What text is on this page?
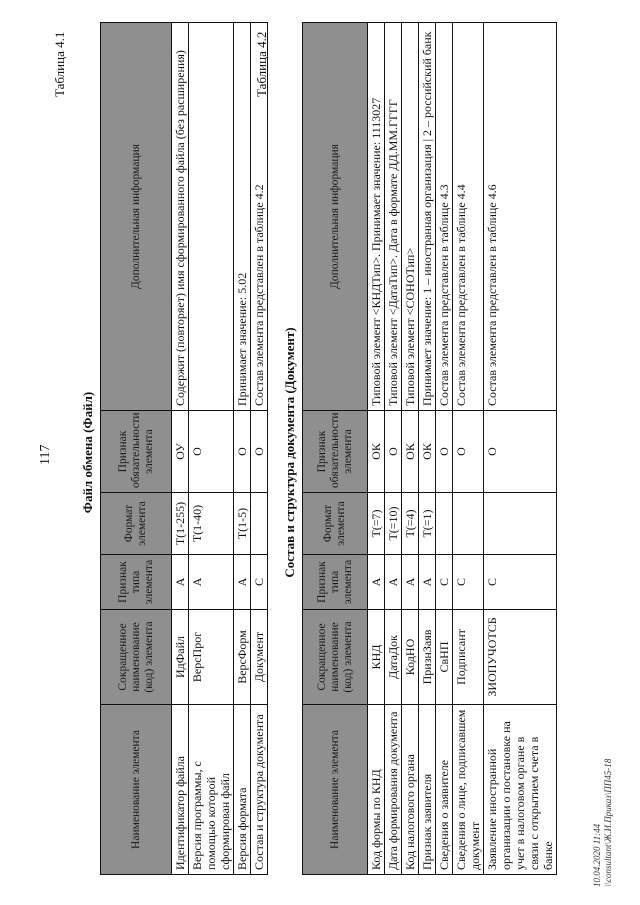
117
Таблица 4.1
Файл обмена (Файл)
Наименование элемента	Сокращенное наименование (код) элемента	Признак типа элемента	Формат элемента	Признак обязательности элемента	Дополнительная информация
Идентификатор файла	ИдФайл	А	T(1-255)	ОУ	Содержит (повторяет) имя сформированного файла (без расширения)
Версия программы, с помощью которой сформирован файл	ВерсПрог	А	T(1-40)	О	
Версия формата	ВерсФорм	А	T(1-5)	О	Принимает значение: 5.02
Состав и структура документа	Документ	С		О	Состав элемента представлен в таблице 4.2
Таблица 4.2
Состав и структура документа (Документ)
Наименование элемента	Сокращенное наименование (код) элемента	Признак типа элемента	Формат элемента	Признак обязательности элемента	Дополнительная информация
Код формы по КНД	КНД	А	T(=7)	ОК	Типовой элемент <КНДТип>. Принимает значение: 1113027
Дата формирования документа	ДатаДок	А	T(=10)	О	Типовой элемент <ДатаТип>. Дата в формате ДД.ММ.ГГГГ
Код налогового органа	КодНО	А	T(=4)	ОК	Типовой элемент <СОНОТип>
Признак заявителя	ПризнЗаяв	А	T(=1)	ОК	Принимает значение: 1 – иностранная организация | 2 – российский банк
Сведения о заявителе	СвНП	С		О	Состав элемента представлен в таблице 4.3
Сведения о лице, подписавшем документ	Подписант	С		О	Состав элемента представлен в таблице 4.4
Заявление иностранной организации о постановке на учет в налоговом органе в связи с открытием счета в банке	ЗИОПУЧОТСБ	С		О	Состав элемента представлен в таблице 4.6
10.04.2020 11:44 \\consultant\Ж.И.Приказ\ПП45-18
